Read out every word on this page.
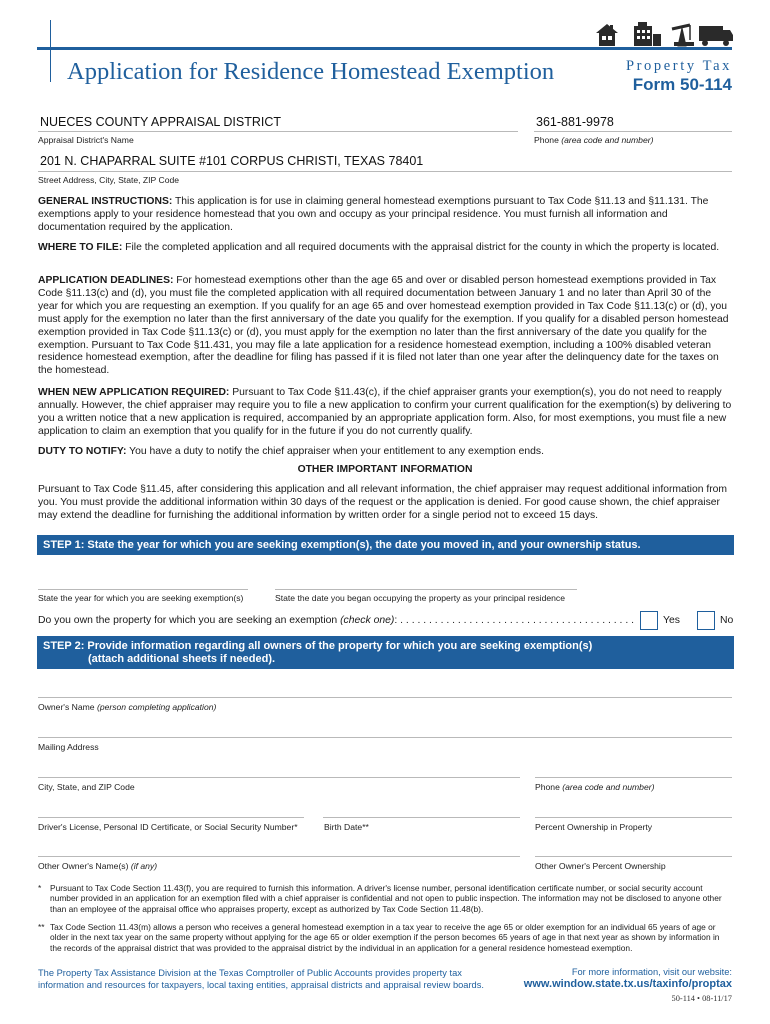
Application for Residence Homestead Exemption	Property Tax
Form 50-114
NUECES COUNTY APPRAISAL DISTRICT
Appraisal District's Name
361-881-9978
Phone (area code and number)
201 N. CHAPARRAL SUITE #101 CORPUS CHRISTI, TEXAS 78401
Street Address, City, State, ZIP Code
GENERAL INSTRUCTIONS: This application is for use in claiming general homestead exemptions pursuant to Tax Code §11.13 and §11.131. The exemptions apply to your residence homestead that you own and occupy as your principal residence. You must furnish all information and documentation required by the application.
WHERE TO FILE: File the completed application and all required documents with the appraisal district for the county in which the property is located.
APPLICATION DEADLINES: For homestead exemptions other than the age 65 and over or disabled person homestead exemptions provided in Tax Code §11.13(c) and (d), you must file the completed application with all required documentation between January 1 and no later than April 30 of the year for which you are requesting an exemption. If you qualify for an age 65 and over homestead exemption provided in Tax Code §11.13(c) or (d), you must apply for the exemption no later than the first anniversary of the date you qualify for the exemption. If you qualify for a disabled person homestead exemption provided in Tax Code §11.13(c) or (d), you must apply for the exemption no later than the first anniversary of the date you qualify for the exemption. Pursuant to Tax Code §11.431, you may file a late application for a residence homestead exemption, including a 100% disabled veteran residence homestead exemption, after the deadline for filing has passed if it is filed not later than one year after the delinquency date for the taxes on the homestead.
WHEN NEW APPLICATION REQUIRED: Pursuant to Tax Code §11.43(c), if the chief appraiser grants your exemption(s), you do not need to reapply annually. However, the chief appraiser may require you to file a new application to confirm your current qualification for the exemption(s) by delivering to you a written notice that a new application is required, accompanied by an appropriate application form. Also, for most exemptions, you must file a new application to claim an exemption that you qualify for in the future if you do not currently qualify.
DUTY TO NOTIFY: You have a duty to notify the chief appraiser when your entitlement to any exemption ends.
OTHER IMPORTANT INFORMATION
Pursuant to Tax Code §11.45, after considering this application and all relevant information, the chief appraiser may request additional information from you. You must provide the additional information within 30 days of the request or the application is denied. For good cause shown, the chief appraiser may extend the deadline for furnishing the additional information by written order for a single period not to exceed 15 days.
STEP 1: State the year for which you are seeking exemption(s), the date you moved in, and your ownership status.
State the year for which you are seeking exemption(s)	State the date you began occupying the property as your principal residence
Do you own the property for which you are seeking an exemption (check one): . . . . . . . . . . . . . . . . . . . . . . . . . . . . . . . . . . . . . . . . .	Yes	No
STEP 2: Provide information regarding all owners of the property for which you are seeking exemption(s)
(attach additional sheets if needed).
Owner's Name (person completing application)
Mailing Address
City, State, and ZIP Code	Phone (area code and number)
Driver's License, Personal ID Certificate, or Social Security Number*	Birth Date**	Percent Ownership in Property
Other Owner's Name(s) (if any)	Other Owner's Percent Ownership
* Pursuant to Tax Code Section 11.43(f), you are required to furnish this information. A driver's license number, personal identification certificate number, or social security account number provided in an application for an exemption filed with a chief appraiser is confidential and not open to public inspection. The information may not be disclosed to anyone other than an employee of the appraisal office who appraises property, except as authorized by Tax Code Section 11.48(b).
** Tax Code Section 11.43(m) allows a person who receives a general homestead exemption in a tax year to receive the age 65 or older exemption for an individual 65 years of age or older in the next tax year on the same property without applying for the age 65 or older exemption if the person becomes 65 years of age in that next year as shown by information in the records of the appraisal district that was provided to the appraisal district by the individual in an application for a general residence homestead exemption.
The Property Tax Assistance Division at the Texas Comptroller of Public Accounts provides property tax information and resources for taxpayers, local taxing entities, appraisal districts and appraisal review boards.
For more information, visit our website:
www.window.state.tx.us/taxinfo/proptax
50-114 • 08-11/17
